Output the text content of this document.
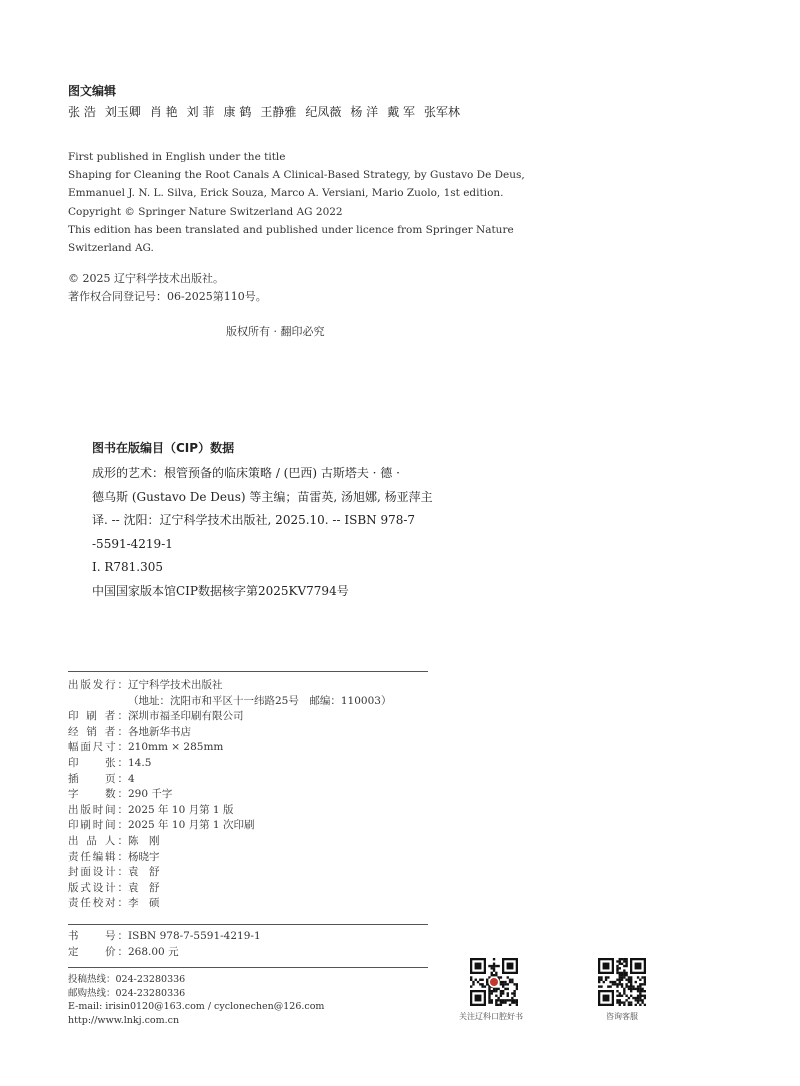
图文编辑
张 浩 刘玉卿 肖 艳 刘 菲 康 鹤 王静雅 纪凤薇 杨 洋 戴 军 张军林
First published in English under the title
Shaping for Cleaning the Root Canals A Clinical-Based Strategy, by Gustavo De Deus,
Emmanuel J. N. L. Silva, Erick Souza, Marco A. Versiani, Mario Zuolo, 1st edition.
Copyright © Springer Nature Switzerland AG 2022
This edition has been translated and published under licence from Springer Nature
Switzerland AG.
© 2025 辽宁科学技术出版社。
著作权合同登记号：06-2025第110号。
版权所有 · 翻印必究
图书在版编目（CIP）数据
成形的艺术：根管预备的临床策略 / (巴西) 古斯塔夫 · 德 ·
德乌斯 (Gustavo De Deus) 等主编；苗雷英, 汤旭娜, 杨亚萍主
译. -- 沈阳：辽宁科学技术出版社, 2025.10. -- ISBN 978-7
-5591-4219-1
Ⅰ. R781.305
中国国家版本馆CIP数据核字第2025KV7794号
出版发行： 辽宁科学技术出版社
（地址：沈阳市和平区十一纬路25号　邮编：110003）
印 刷 者： 深圳市福圣印刷有限公司
经 销 者： 各地新华书店
幅面尺寸： 210mm × 285mm
印　　张： 14.5
插　　页： 4
字　　数： 290 千字
出版时间： 2025 年 10 月第 1 版
印刷时间： 2025 年 10 月第 1 次印刷
出 品 人： 陈　刚
责任编辑： 杨晓宇
封面设计： 袁　舒
版式设计： 袁　舒
责任校对： 李　硕
书　　号： ISBN 978-7-5591-4219-1
定　　价： 268.00 元
投稿热线：024-23280336
邮购热线：024-23280336
E-mail: irisin0120@163.com / cyclonechen@126.com
http://www.lnkj.com.cn	关注辽科口腔好书	咨询客服
